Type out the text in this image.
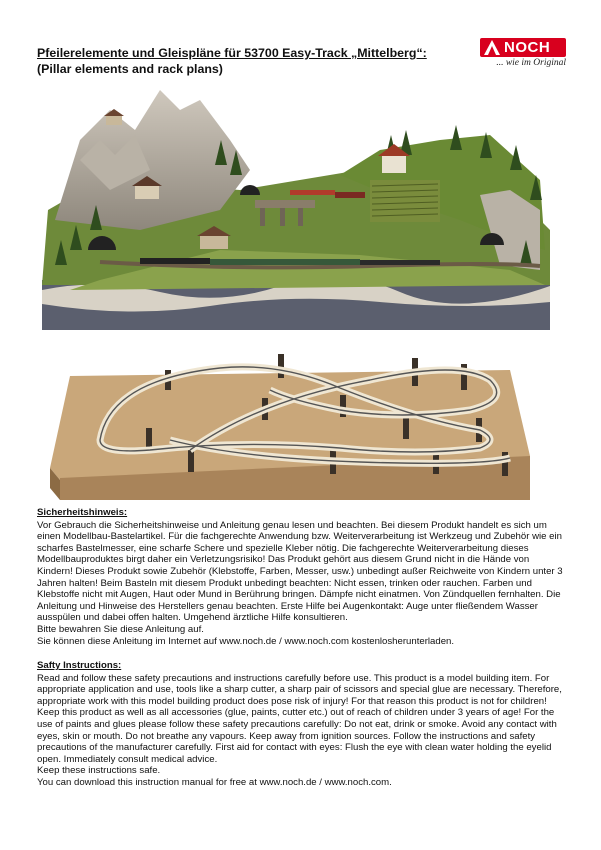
Pfeilerelemente und Gleispläne für 53700 Easy-Track „Mittelberg“:
(Pillar elements and rack plans)
NOCH
... wie im Original
Sicherheitshinweis:

Vor Gebrauch die Sicherheitshinweise und Anleitung genau lesen und beachten. Bei diesem Produkt handelt es sich um einen Modellbau-Bastelartikel. Für die fachgerechte Anwendung bzw. Weiterverarbeitung ist Werkzeug und Zubehör wie ein scharfes Bastelmesser, eine scharfe Schere und spezielle Kleber nötig. Die fachgerechte Weiterverarbeitung dieses Modellbauproduktes birgt daher ein Verletzungsrisiko! Das Produkt gehört aus diesem Grund nicht in die Hände von Kindern! Dieses Produkt sowie Zubehör (Klebstoffe, Farben, Messer, usw.) unbedingt außer Reichweite von Kindern unter 3 Jahren halten! Beim Basteln mit diesem Produkt unbedingt beachten: Nicht essen, trinken oder rauchen. Farben und Klebstoffe nicht mit Augen, Haut oder Mund in Berührung bringen. Dämpfe nicht einatmen. Von Zündquellen fernhalten. Die Anleitung und Hinweise des Herstellers genau beachten. Erste Hilfe bei Augenkontakt: Auge unter fließendem Wasser ausspülen und dabei offen halten. Umgehend ärztliche Hilfe konsultieren.

Bitte bewahren Sie diese Anleitung auf.

Sie können diese Anleitung im Internet auf www.noch.de / www.noch.com kostenlosherunterladen.

Safty Instructions:

Read and follow these safety precautions and instructions carefully before use. This product is a model building item. For appropriate application and use, tools like a sharp cutter, a sharp pair of scissors and special glue are necessary. Therefore, appropriate work with this model building product does pose risk of injury! For that reason this product is not for children! Keep this product as well as all accessories (glue, paints, cutter etc.) out of reach of children under 3 years of age! For the use of paints and glues please follow these safety precautions carefully: Do not eat, drink or smoke. Avoid any contact with eyes, skin or mouth. Do not breathe any vapours. Keep away from ignition sources. Follow the instructions and safety precautions of the manufacturer carefully. First aid for contact with eyes: Flush the eye with clean water holding the eyelid open. Immediately consult medical advice.

Keep these instructions safe.

You can download this instruction manual for free at www.noch.de / www.noch.com.
